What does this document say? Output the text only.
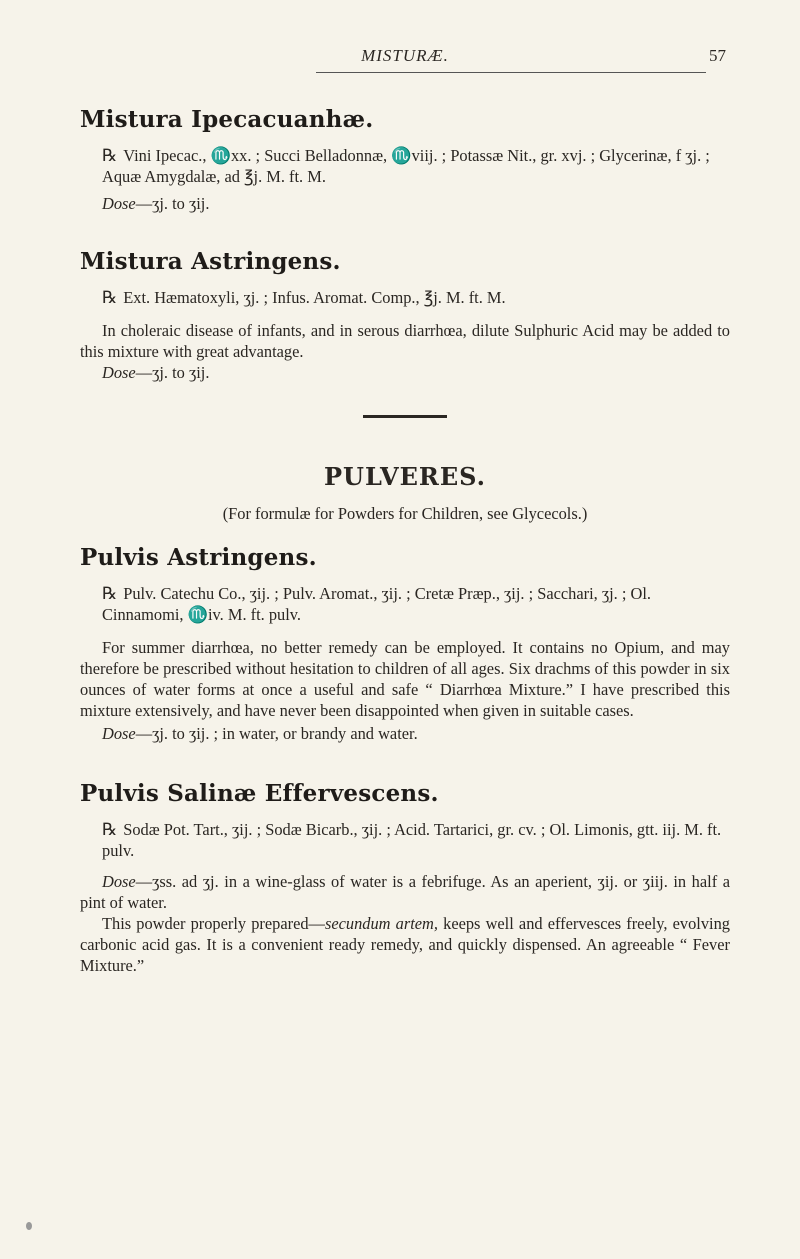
MISTURÆ.	57
Mistura Ipecacuanhæ.

℞ Vini Ipecac., ♏xx. ; Succi Belladonnæ, ♏viij. ; Potassæ Nit., gr. xvj. ; Glycerinæ, f ʒj. ; Aquæ Amygdalæ, ad ℥j. M. ft. M.

Dose—ʒj. to ʒij.

Mistura Astringens.

℞ Ext. Hæmatoxyli, ʒj. ; Infus. Aromat. Comp., ℥j. M. ft. M.

In choleraic disease of infants, and in serous diarrhœa, dilute Sulphuric Acid may be added to this mixture with great advantage.

Dose—ʒj. to ʒij.

PULVERES.

(For formulæ for Powders for Children, see Glycecols.)

Pulvis Astringens.

℞ Pulv. Catechu Co., ʒij. ; Pulv. Aromat., ʒij. ; Cretæ Præp., ʒij. ; Sacchari, ʒj. ; Ol. Cinnamomi, ♏iv. M. ft. pulv.

For summer diarrhœa, no better remedy can be employed. It contains no Opium, and may therefore be prescribed without hesitation to children of all ages. Six drachms of this powder in six ounces of water forms at once a useful and safe “ Diarrhœa Mixture.” I have prescribed this mixture extensively, and have never been disappointed when given in suitable cases.

Dose—ʒj. to ʒij. ; in water, or brandy and water.

Pulvis Salinæ Effervescens.

℞ Sodæ Pot. Tart., ʒij. ; Sodæ Bicarb., ʒij. ; Acid. Tartarici, gr. cv. ; Ol. Limonis, gtt. iij. M. ft. pulv.

Dose—ʒss. ad ʒj. in a wine-glass of water is a febrifuge. As an aperient, ʒij. or ʒiij. in half a pint of water.

This powder properly prepared—secundum artem, keeps well and effervesces freely, evolving carbonic acid gas. It is a convenient ready remedy, and quickly dispensed. An agreeable “ Fever Mixture.”
